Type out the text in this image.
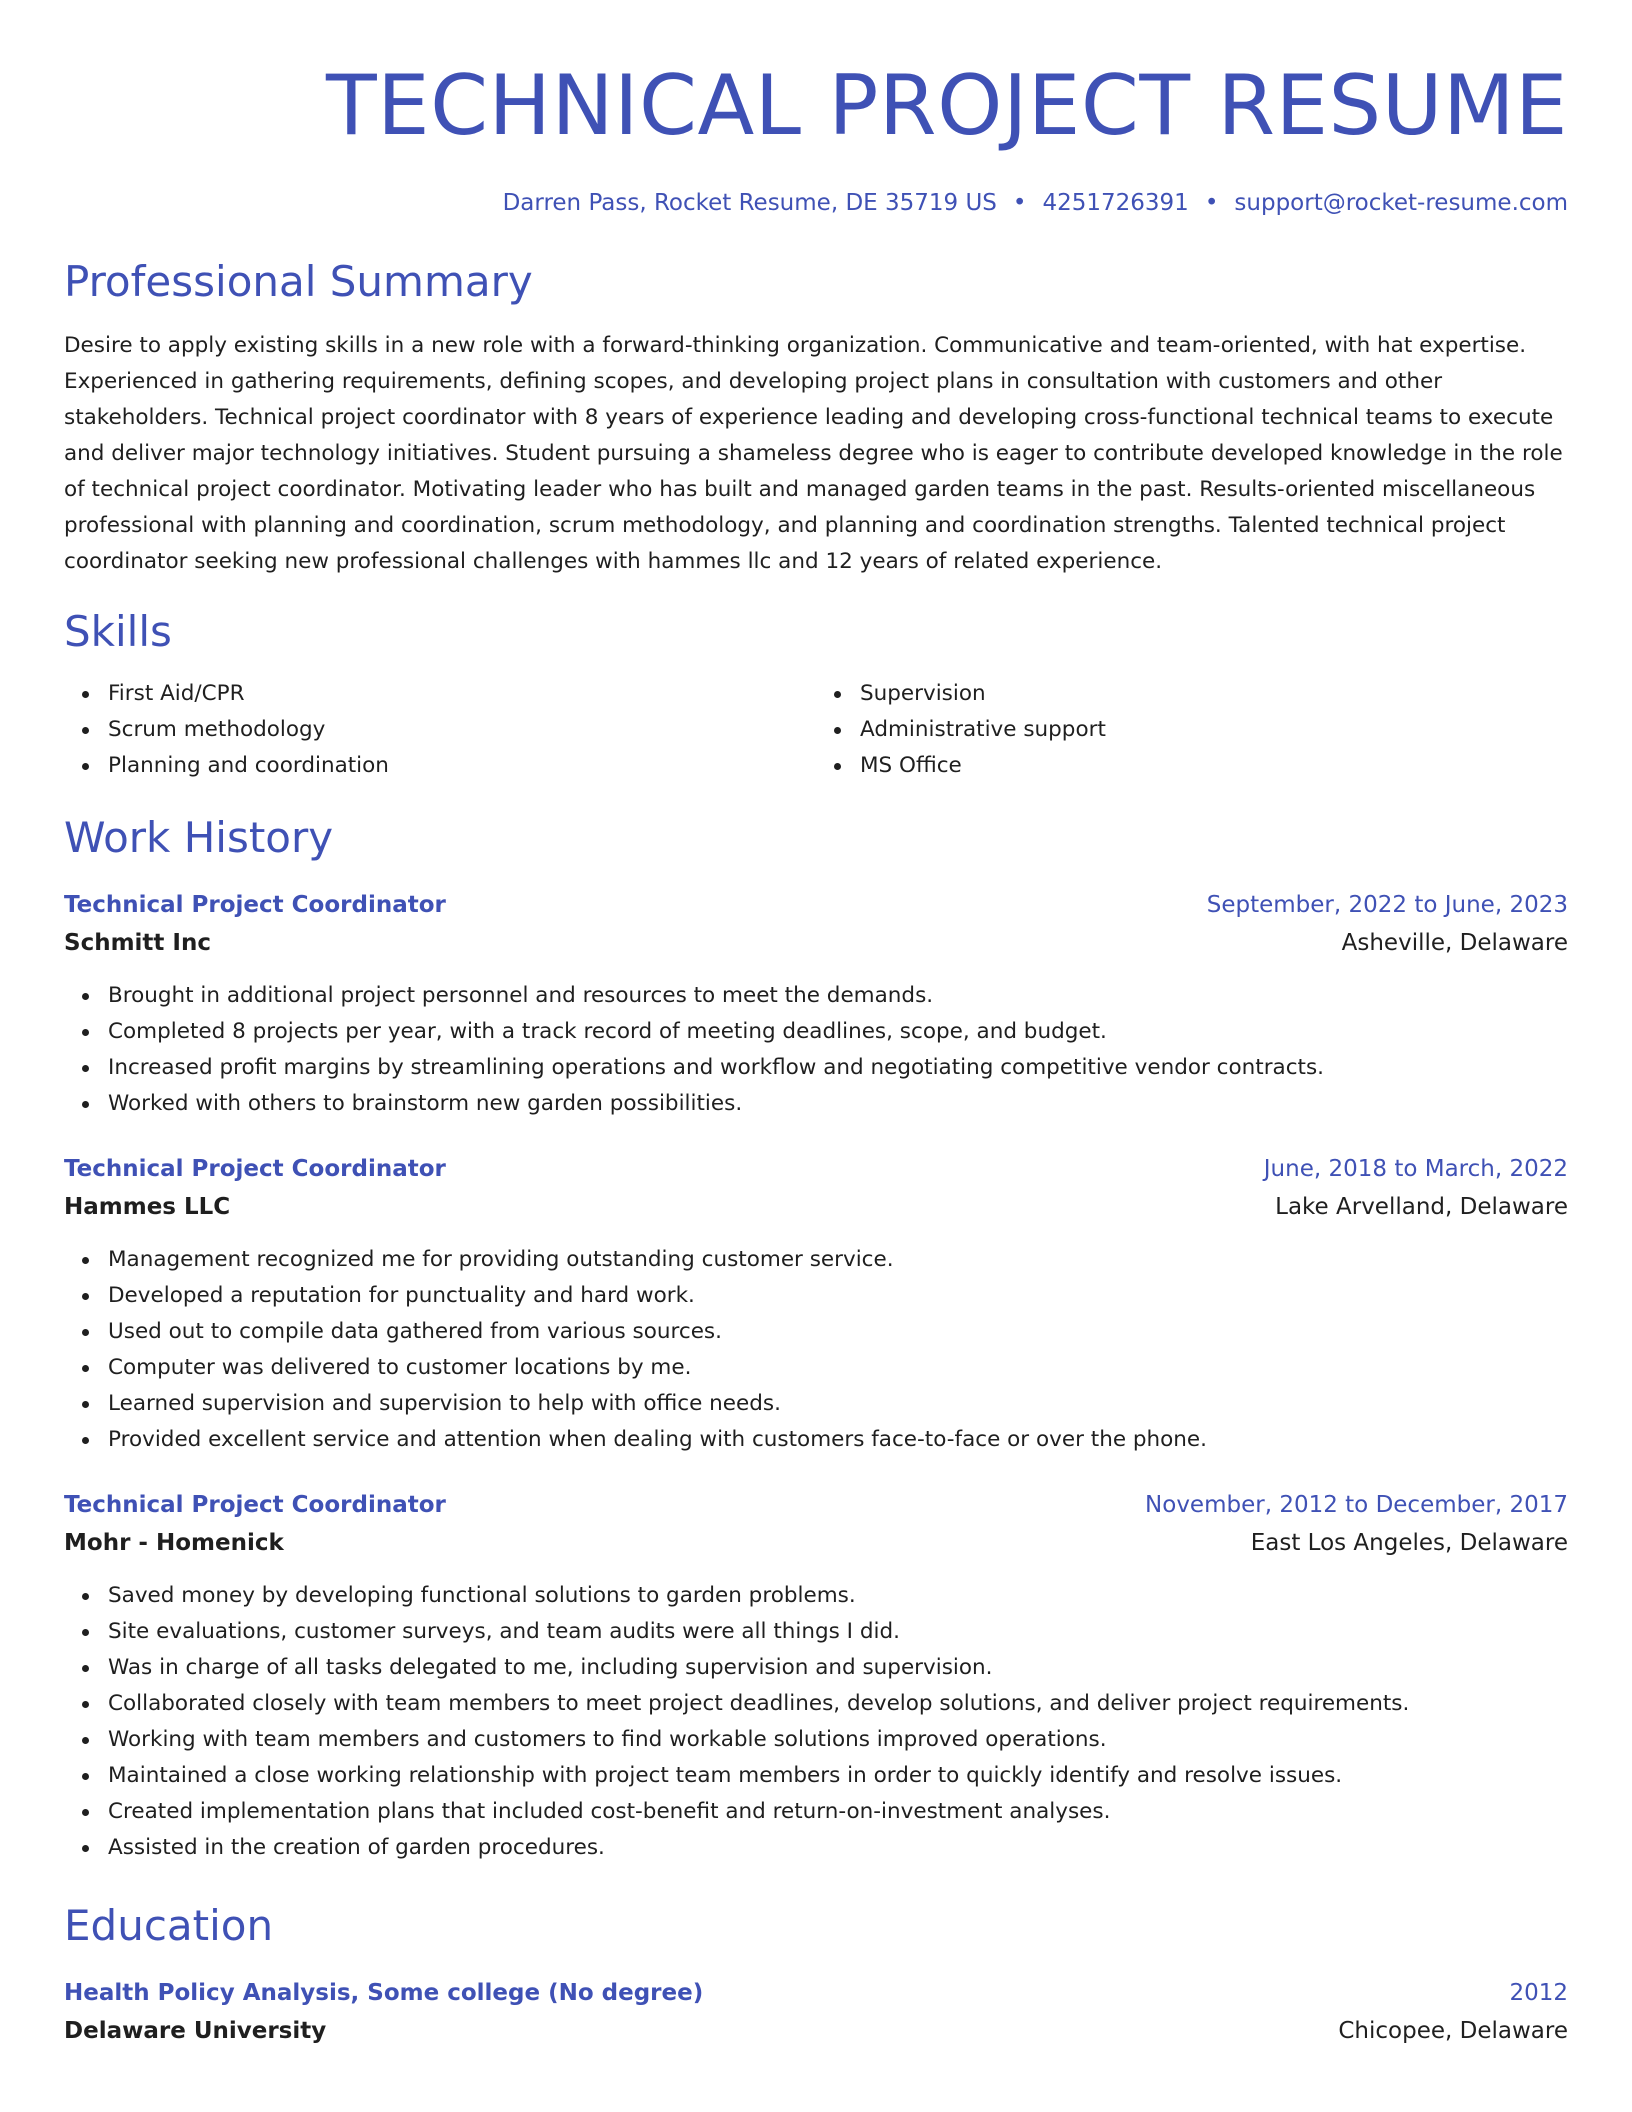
TECHNICAL PROJECT RESUME
Darren Pass, Rocket Resume, DE 35719 US • 4251726391 • support@rocket-resume.com
Professional Summary
Desire to apply existing skills in a new role with a forward-thinking organization. Communicative and team-oriented, with hat expertise. Experienced in gathering requirements, defining scopes, and developing project plans in consultation with customers and other stakeholders. Technical project coordinator with 8 years of experience leading and developing cross-functional technical teams to execute and deliver major technology initiatives. Student pursuing a shameless degree who is eager to contribute developed knowledge in the role of technical project coordinator. Motivating leader who has built and managed garden teams in the past. Results-oriented miscellaneous professional with planning and coordination, scrum methodology, and planning and coordination strengths. Talented technical project coordinator seeking new professional challenges with hammes llc and 12 years of related experience.
Skills
First Aid/CPR
Scrum methodology
Planning and coordination
Supervision
Administrative support
MS Office
Work History
Technical Project Coordinator	September, 2022 to June, 2023
Schmitt Inc	Asheville, Delaware
Brought in additional project personnel and resources to meet the demands.
Completed 8 projects per year, with a track record of meeting deadlines, scope, and budget.
Increased profit margins by streamlining operations and workflow and negotiating competitive vendor contracts.
Worked with others to brainstorm new garden possibilities.
Technical Project Coordinator	June, 2018 to March, 2022
Hammes LLC	Lake Arvelland, Delaware
Management recognized me for providing outstanding customer service.
Developed a reputation for punctuality and hard work.
Used out to compile data gathered from various sources.
Computer was delivered to customer locations by me.
Learned supervision and supervision to help with office needs.
Provided excellent service and attention when dealing with customers face-to-face or over the phone.
Technical Project Coordinator	November, 2012 to December, 2017
Mohr - Homenick	East Los Angeles, Delaware
Saved money by developing functional solutions to garden problems.
Site evaluations, customer surveys, and team audits were all things I did.
Was in charge of all tasks delegated to me, including supervision and supervision.
Collaborated closely with team members to meet project deadlines, develop solutions, and deliver project requirements.
Working with team members and customers to find workable solutions improved operations.
Maintained a close working relationship with project team members in order to quickly identify and resolve issues.
Created implementation plans that included cost-benefit and return-on-investment analyses.
Assisted in the creation of garden procedures.
Education
Health Policy Analysis, Some college (No degree)	2012
Delaware University	Chicopee, Delaware
